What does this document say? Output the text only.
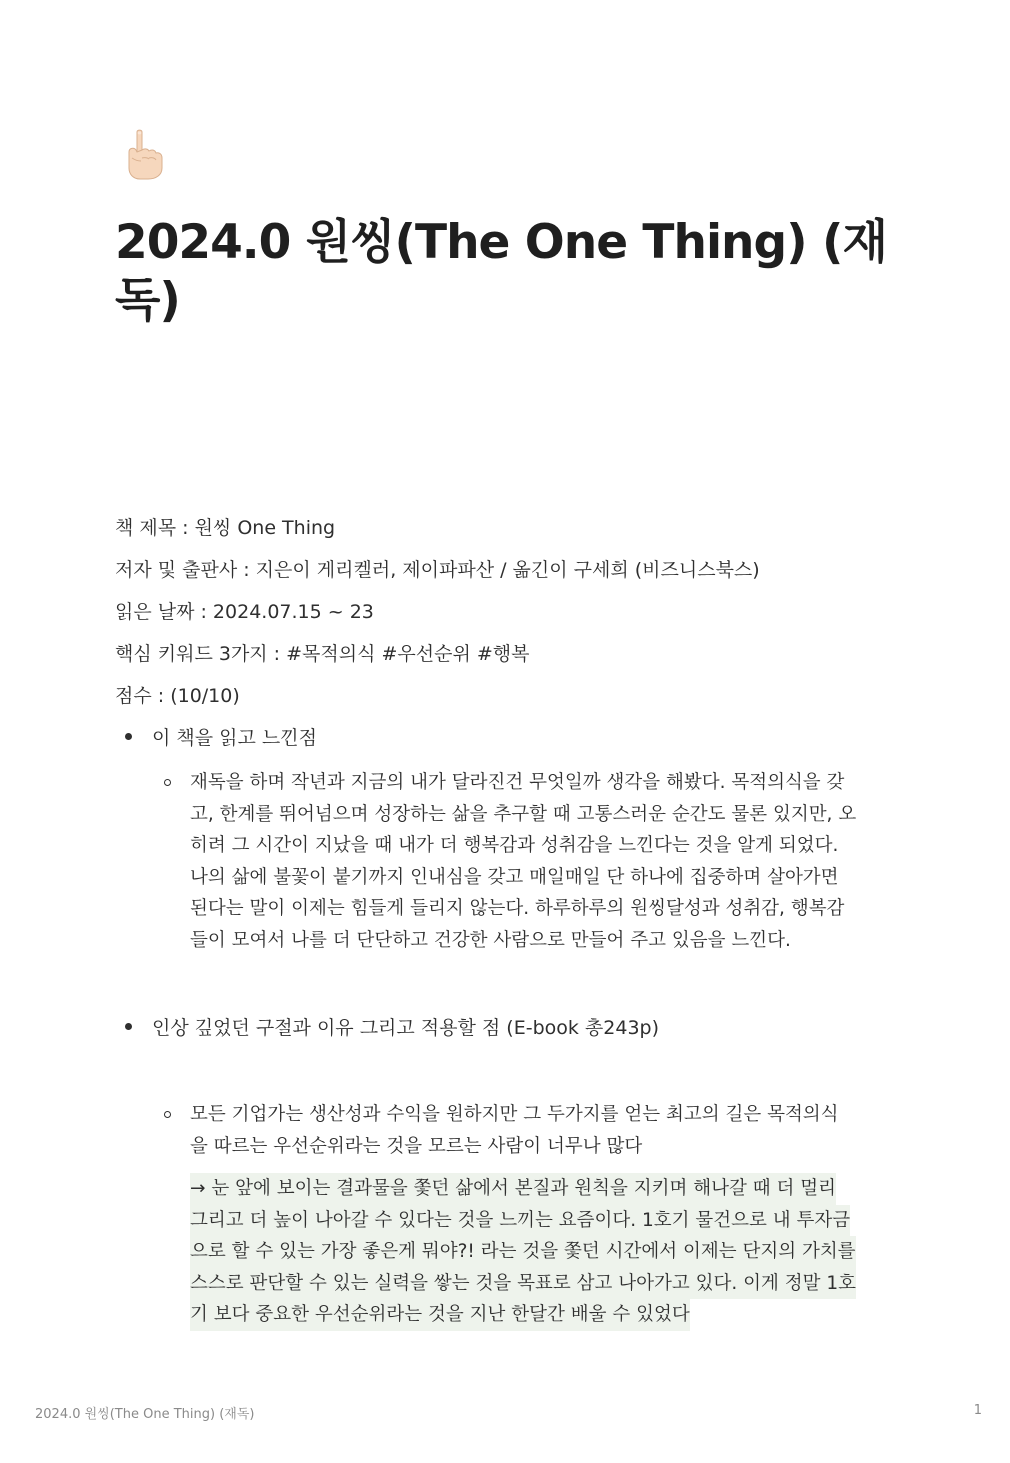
2024.0 원씽(The One Thing) (재
독)
책 제목 : 원씽 One Thing
저자 및 출판사 : 지은이 게리켈러, 제이파파산 / 옮긴이 구세희 (비즈니스북스)
읽은 날짜 : 2024.07.15 ~ 23
핵심 키워드 3가지 : #목적의식 #우선순위 #행복
점수 : (10/10)
이 책을 읽고 느낀점
재독을 하며 작년과 지금의 내가 달라진건 무엇일까 생각을 해봤다. 목적의식을 갖
고, 한계를 뛰어넘으며 성장하는 삶을 추구할 때 고통스러운 순간도 물론 있지만, 오
히려 그 시간이 지났을 때 내가 더 행복감과 성취감을 느낀다는 것을 알게 되었다.
나의 삶에 불꽃이 붙기까지 인내심을 갖고 매일매일 단 하나에 집중하며 살아가면
된다는 말이 이제는 힘들게 들리지 않는다. 하루하루의 원씽달성과 성취감, 행복감
들이 모여서 나를 더 단단하고 건강한 사람으로 만들어 주고 있음을 느낀다.
인상 깊었던 구절과 이유 그리고 적용할 점 (E-book 총243p)
모든 기업가는 생산성과 수익을 원하지만 그 두가지를 얻는 최고의 길은 목적의식
을 따르는 우선순위라는 것을 모르는 사람이 너무나 많다
→ 눈 앞에 보이는 결과물을 쫓던 삶에서 본질과 원칙을 지키며 해나갈 때 더 멀리
그리고 더 높이 나아갈 수 있다는 것을 느끼는 요즘이다. 1호기 물건으로 내 투자금
으로 할 수 있는 가장 좋은게 뭐야?! 라는 것을 쫓던 시간에서 이제는 단지의 가치를
스스로 판단할 수 있는 실력을 쌓는 것을 목표로 삼고 나아가고 있다. 이게 정말 1호
기 보다 중요한 우선순위라는 것을 지난 한달간 배울 수 있었다
2024.0 원씽(The One Thing) (재독)	1
